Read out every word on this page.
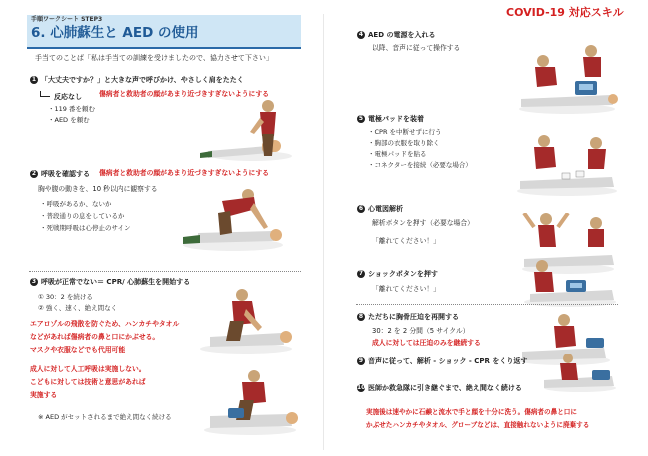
手順ワークシート STEP3
6. 心肺蘇生と AED の使用
手当てのことば「私は手当ての訓練を受けましたので、協力させて下さい」
COVID-19 対応スキル
1 「大丈夫ですか？」と大きな声で呼びかけ、やさしく肩をたたく
反応なし	傷病者と救助者の顔があまり近づきすぎないようにする
・119 番を頼む
・AED を頼む
2 呼吸を確認する 傷病者と救助者の顔があまり近づきすぎないようにする
胸や腹の動きを、10 秒以内に観察する
・呼吸があるか、ないか
・普段通りの息をしているか
・死戦期呼吸は心停止のサイン
3 呼吸が正常でない＝ CPR/ 心肺蘇生を開始する
① 30：2 を続ける
② 強く、速く、絶え間なく
エアロゾルの飛散を防ぐため、ハンカチやタオル
などがあれば傷病者の鼻と口にかぶせる。
マスクや衣服などでも代用可能
成人に対して人工呼吸は実施しない。
こどもに対しては技術と意思があれば
実施する
※ AED がセットされるまで絶え間なく続ける
4 AED の電源を入れる
以降、音声に従って操作する
5 電極パッドを装着
・CPR を中断せずに行う
・胸部の衣服を取り除く
・電極パッドを貼る
・コネクターを接続（必要な場合）
6 心電図解析
解析ボタンを押す（必要な場合）
「離れてください！」
7 ショックボタンを押す
「離れてください！」
8 ただちに胸骨圧迫を再開する
30：2 を 2 分間（5 サイクル）
成人に対しては圧迫のみを継続する
9 音声に従って、解析 - ショック - CPR をくり返す
10 医師か救急隊に引き継ぐまで、絶え間なく続ける
実施後は速やかに石鹸と流水で手と顔を十分に洗う。傷病者の鼻と口に
かぶせたハンカチやタオル、グローブなどは、直接触れないように廃棄する
